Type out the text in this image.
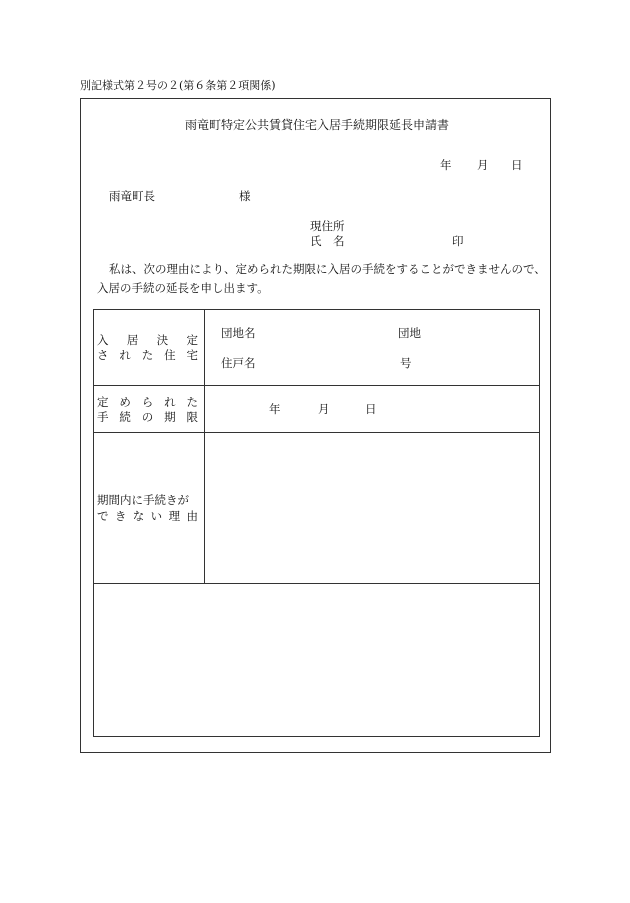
別記様式第２号の２(第６条第２項関係)
雨竜町特定公共賃貸住宅入居手続期限延長申請書
年 月 日
雨竜町長	様
現住所
氏　名	印
私は、次の理由により、定められた期限に入居の手続をすることができませんので、
入居の手続の延長を申し出ます。
入 居 決 定
さ れ た 住 宅
団地名	団地
住戸名	号
定 め ら れ た
手 続 の 期 限
年	月	日
期間内に手続きが
で き な い 理 由
